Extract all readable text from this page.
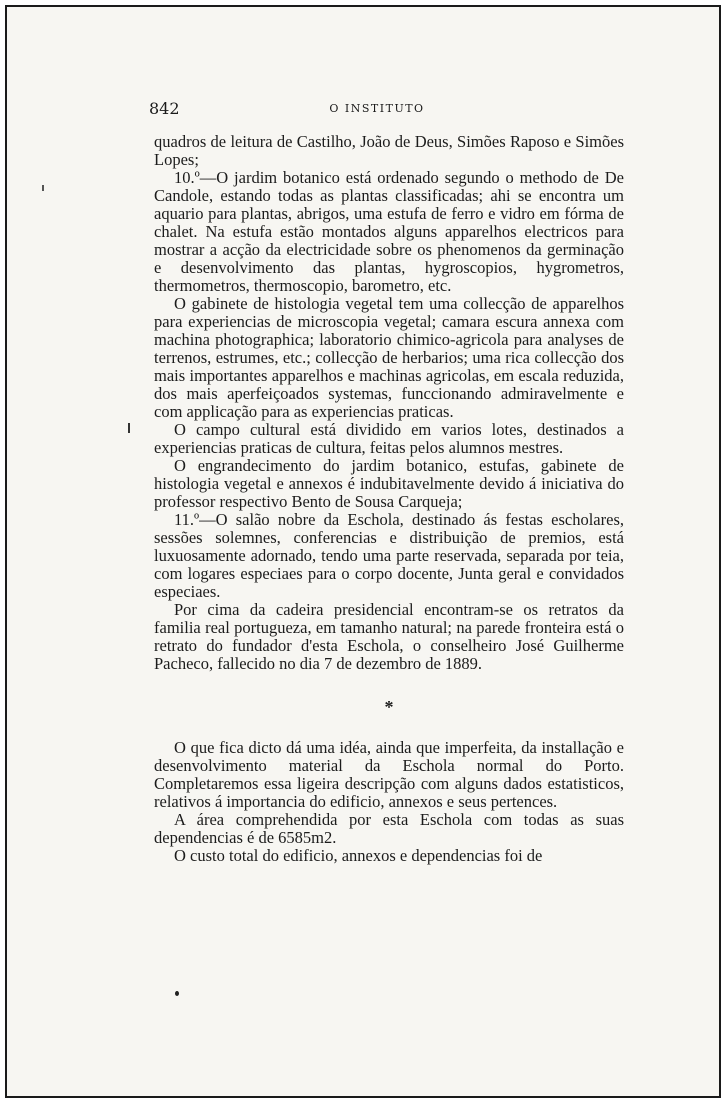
842	O INSTITUTO

quadros de leitura de Castilho, João de Deus, Simões Raposo e Simões Lopes;

10.º—O jardim botanico está ordenado segundo o methodo de De Candole, estando todas as plantas classificadas; ahi se encontra um aquario para plantas, abrigos, uma estufa de ferro e vidro em fórma de chalet. Na estufa estão montados alguns apparelhos electricos para mostrar a acção da electricidade sobre os phenomenos da germinação e desenvolvimento das plantas, hygroscopios, hygrometros, thermometros, thermoscopio, barometro, etc.

O gabinete de histologia vegetal tem uma collecção de apparelhos para experiencias de microscopia vegetal; camara escura annexa com machina photographica; laboratorio chimico-agricola para analyses de terrenos, estrumes, etc.; collecção de herbarios; uma rica collecção dos mais importantes apparelhos e machinas agricolas, em escala reduzida, dos mais aperfeiçoados systemas, funccionando admiravelmente e com applicação para as experiencias praticas.

O campo cultural está dividido em varios lotes, destinados a experiencias praticas de cultura, feitas pelos alumnos mestres.

O engrandecimento do jardim botanico, estufas, gabinete de histologia vegetal e annexos é indubitavelmente devido á iniciativa do professor respectivo Bento de Sousa Carqueja;

11.º—O salão nobre da Escholа, destinado ás festas escholares, sessões solemnes, conferencias e distribuição de premios, está luxuosamente adornado, tendo uma parte reservada, separada por teia, com logares especiaes para o corpo docente, Junta geral e convidados especiaes.

Por cima da cadeira presidencial encontram-se os retratos da familia real portugueza, em tamanho natural; na parede fronteira está o retrato do fundador d'esta Eschola, o conselheiro José Guilherme Pacheco, fallecido no dia 7 de dezembro de 1889.

*

O que fica dicto dá uma idéa, ainda que imperfeita, da installação e desenvolvimento material da Eschola normal do Porto. Completaremos essa ligeira descripção com alguns dados estatisticos, relativos á importancia do edificio, annexos e seus pertences.

A área comprehendida por esta Eschola com todas as suas dependencias é de 6585m2.

O custo total do edificio, annexos e dependencias foi de
